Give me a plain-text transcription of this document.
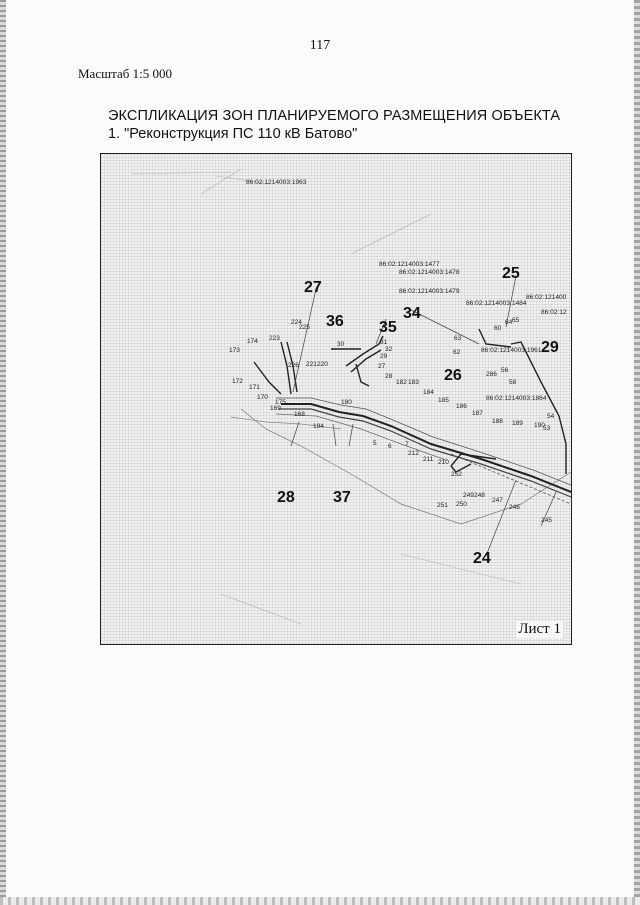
117
Масштаб 1:5 000
ЭКСПЛИКАЦИЯ ЗОН ПЛАНИРУЕМОГО РАЗМЕЩЕНИЯ ОБЪЕКТА
1. "Реконструкция ПС 110 кВ Батово"
86:02:1214003:1963
86:02:1214003:1477
86:02:1214003:1478
86:02:1214003:1479
86:02:1214003:1484
86:02:121400
86:02:12
86:02:1214003:1961
86:02:1214003:1864
27
25
36 35
34
29
26
28 37
24
174 223
224
225
173
172
171
170
175
226 221 220
169
168
194
30	31
32
29
27
28
182 183
184
180	185
186
187
188 189 190
53
54
63
62
60
64 65
56
58
286
5 6 7
212
211 210
252
251 250
249 248
247
246
245
Лист 1
